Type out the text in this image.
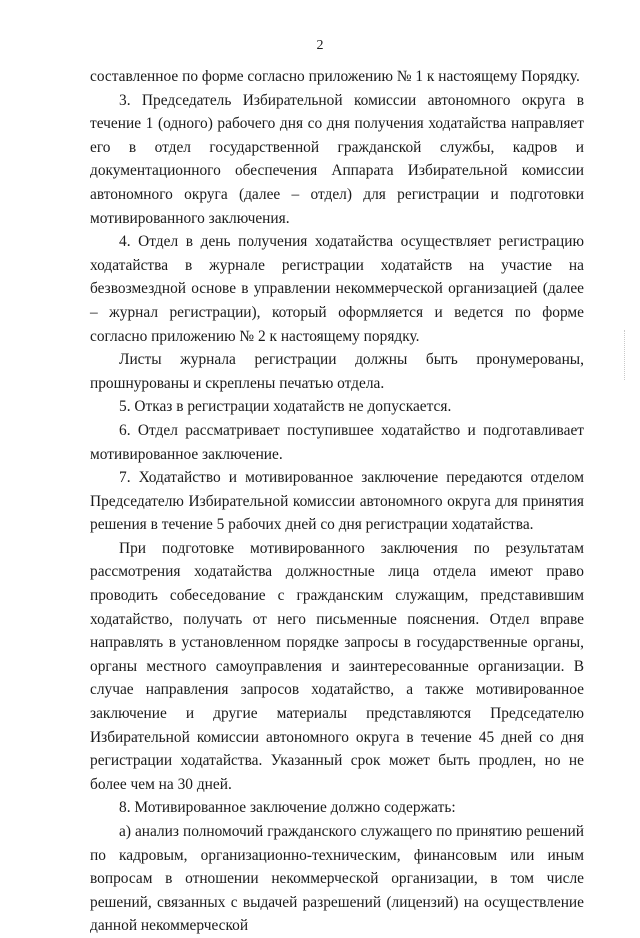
2

составленное по форме согласно приложению № 1 к настоящему Порядку.

3. Председатель Избирательной комиссии автономного округа в течение 1 (одного) рабочего дня со дня получения ходатайства направляет его в отдел государственной гражданской службы, кадров и документационного обеспечения Аппарата Избирательной комиссии автономного округа (далее – отдел) для регистрации и подготовки мотивированного заключения.

4. Отдел в день получения ходатайства осуществляет регистрацию ходатайства в журнале регистрации ходатайств на участие на безвозмездной основе в управлении некоммерческой организацией (далее – журнал регистрации), который оформляется и ведется по форме согласно приложению № 2 к настоящему порядку.

Листы журнала регистрации должны быть пронумерованы, прошнурованы и скреплены печатью отдела.

5. Отказ в регистрации ходатайств не допускается.

6. Отдел рассматривает поступившее ходатайство и подготавливает мотивированное заключение.

7. Ходатайство и мотивированное заключение передаются отделом Председателю Избирательной комиссии автономного округа для принятия решения в течение 5 рабочих дней со дня регистрации ходатайства.

При подготовке мотивированного заключения по результатам рассмотрения ходатайства должностные лица отдела имеют право проводить собеседование с гражданским служащим, представившим ходатайство, получать от него письменные пояснения. Отдел вправе направлять в установленном порядке запросы в государственные органы, органы местного самоуправления и заинтересованные организации. В случае направления запросов ходатайство, а также мотивированное заключение и другие материалы представляются Председателю Избирательной комиссии автономного округа в течение 45 дней со дня регистрации ходатайства. Указанный срок может быть продлен, но не более чем на 30 дней.

8. Мотивированное заключение должно содержать:

а) анализ полномочий гражданского служащего по принятию решений по кадровым, организационно-техническим, финансовым или иным вопросам в отношении некоммерческой организации, в том числе решений, связанных с выдачей разрешений (лицензий) на осуществление данной некоммерческой
